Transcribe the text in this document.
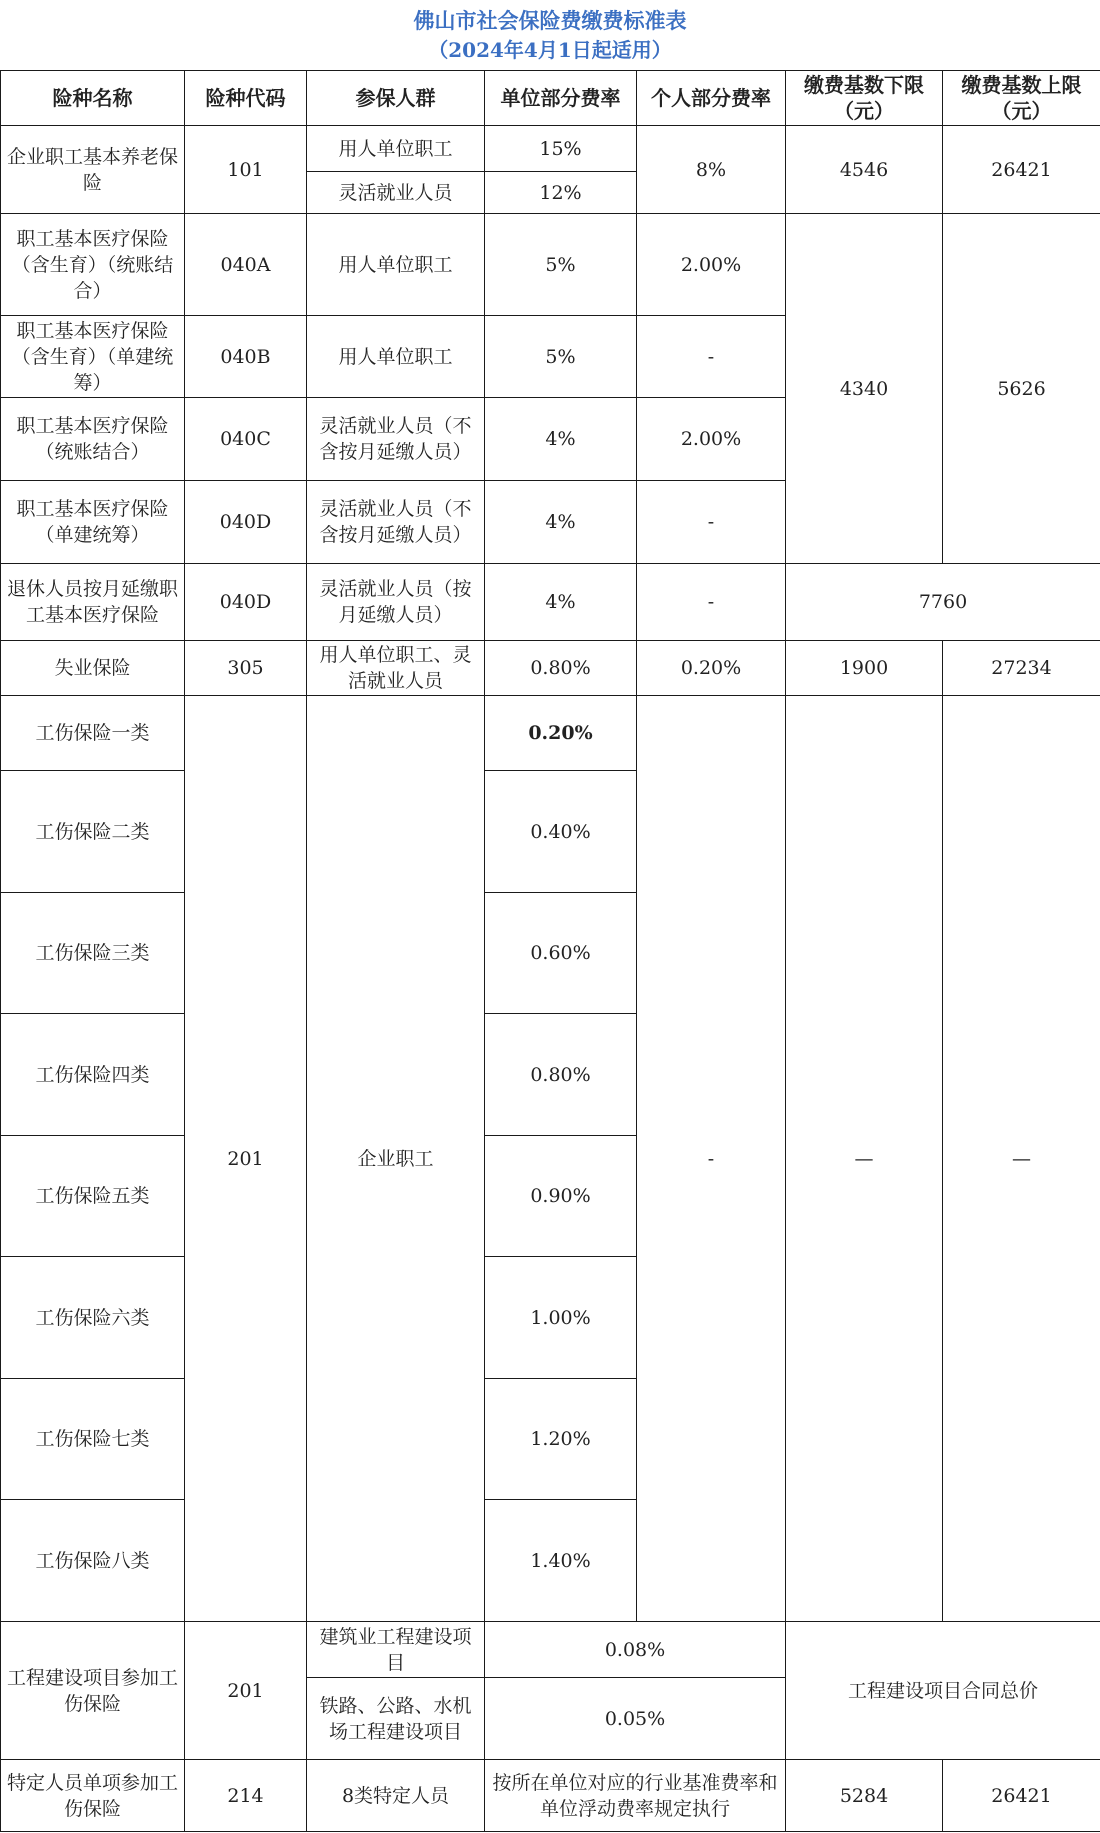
佛山市社会保险费缴费标准表
（2024年4月1日起适用）
险种名称	险种代码	参保人群	单位部分费率	个人部分费率	缴费基数下限（元）	缴费基数上限（元）
企业职工基本养老保险	101	用人单位职工	15%	8%	4546	26421
		灵活就业人员	12%			
职工基本医疗保险（含生育）（统账结合）	040A	用人单位职工	5%	2.00%	4340	5626
职工基本医疗保险（含生育）（单建统筹）	040B	用人单位职工	5%	-		
职工基本医疗保险（统账结合）	040C	灵活就业人员（不含按月延缴人员）	4%	2.00%		
职工基本医疗保险（单建统筹）	040D	灵活就业人员（不含按月延缴人员）	4%	-		
退休人员按月延缴职工基本医疗保险	040D	灵活就业人员（按月延缴人员）	4%	-	7760	
失业保险	305	用人单位职工、灵活就业人员	0.80%	0.20%	1900	27234
工伤保险一类	201	企业职工	0.20%	-	—	—
工伤保险二类			0.40%			
工伤保险三类			0.60%			
工伤保险四类			0.80%			
工伤保险五类			0.90%			
工伤保险六类			1.00%			
工伤保险七类			1.20%			
工伤保险八类			1.40%			
工程建设项目参加工伤保险	201	建筑业工程建设项目	0.08%		工程建设项目合同总价	
		铁路、公路、水机场工程建设项目	0.05%			
特定人员单项参加工伤保险	214	8类特定人员	按所在单位对应的行业基准费率和单位浮动费率规定执行		5284	26421
